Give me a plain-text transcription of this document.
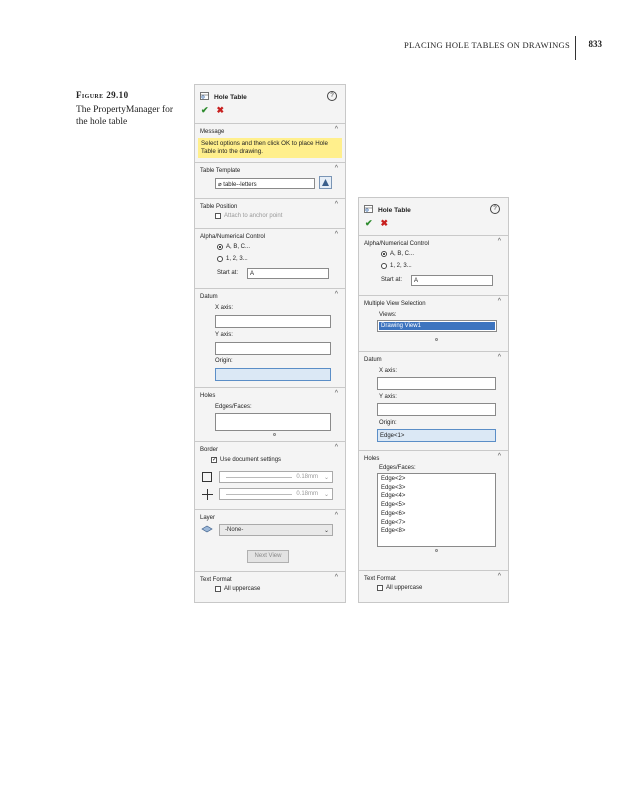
PLACING HOLE TABLES ON DRAWINGS 833
Figure 29.10
The PropertyManager for the hole table
Hole Table	?
✔ ✖
Message	^
Select options and then click OK to place Hole Table into the drawing.
Table Template	^
⌀ table--letters
Table Position	^
Attach to anchor point
Alpha/Numerical Control	^
A, B, C...
1, 2, 3...
Start at: A
Datum	^
X axis:
Y axis:
Origin:
Holes	^
Edges/Faces:
Border	^
✓ Use document settings
0.18mm ⌄
0.18mm ⌄
Layer	^
-None-	⌄
Next View
Text Format	^
All uppercase
Hole Table	?
✔ ✖
Alpha/Numerical Control	^
A, B, C...
1, 2, 3...
Start at: A
Multiple View Selection	^
Views:
Drawing View1
Datum	^
X axis:
Y axis:
Origin:
Edge<1>
Holes	^
Edges/Faces:
Edge<2>
Edge<3>
Edge<4>
Edge<5>
Edge<6>
Edge<7>
Edge<8>
Text Format	^
All uppercase
